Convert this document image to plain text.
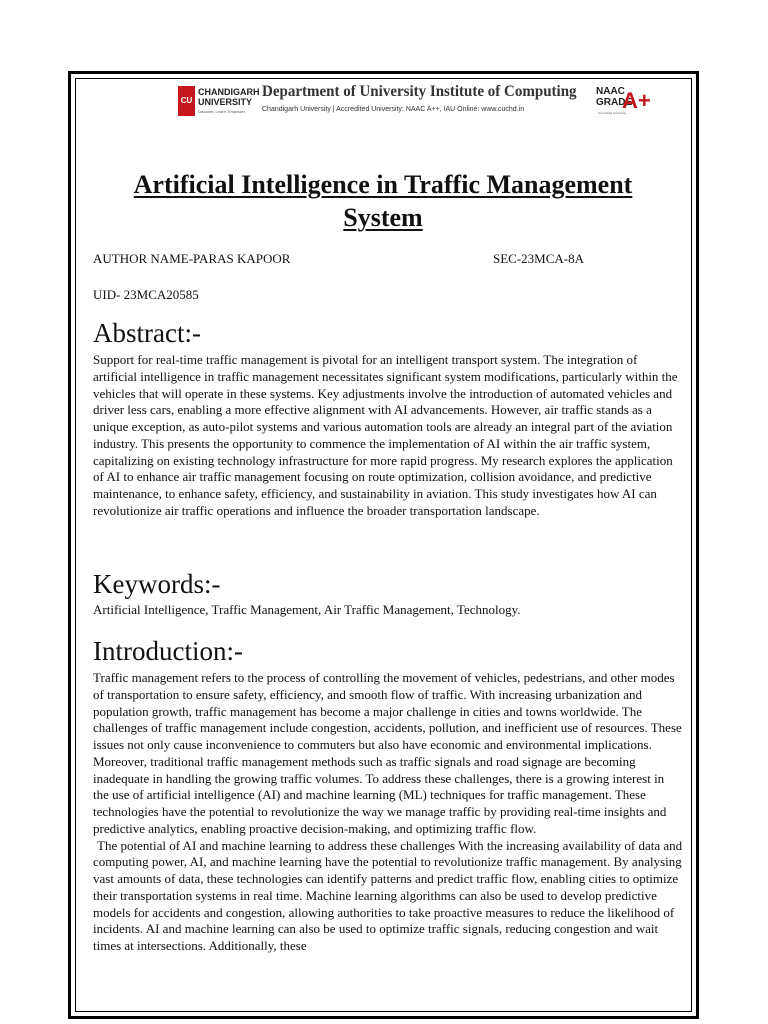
CU
CHANDIGARH UNIVERSITY
Discover. Learn. Empower.
Department of University Institute of Computing
Chandigarh University | Accredited University: NAAC A++, IAU Online: www.cuchd.in
NAAC
GRADE
A+
Accredited University
Artificial Intelligence in Traffic Management System
AUTHOR NAME-PARAS KAPOOR	SEC-23MCA-8A
UID- 23MCA20585
Abstract:-

Support for real-time traffic management is pivotal for an intelligent transport system. The integration of artificial intelligence in traffic management necessitates significant system modifications, particularly within the vehicles that will operate in these systems. Key adjustments involve the introduction of automated vehicles and driver less cars, enabling a more effective alignment with AI advancements. However, air traffic stands as a unique exception, as auto-pilot systems and various automation tools are already an integral part of the aviation industry. This presents the opportunity to commence the implementation of AI within the air traffic system, capitalizing on existing technology infrastructure for more rapid progress. My research explores the application of AI to enhance air traffic management focusing on route optimization, collision avoidance, and predictive maintenance, to enhance safety, efficiency, and sustainability in aviation. This study investigates how AI can revolutionize air traffic operations and influence the broader transportation landscape.

Keywords:-

Artificial Intelligence, Traffic Management, Air Traffic Management, Technology.

Introduction:-

Traffic management refers to the process of controlling the movement of vehicles, pedestrians, and other modes of transportation to ensure safety, efficiency, and smooth flow of traffic. With increasing urbanization and population growth, traffic management has become a major challenge in cities and towns worldwide. The challenges of traffic management include congestion, accidents, pollution, and inefficient use of resources. These issues not only cause inconvenience to commuters but also have economic and environmental implications. Moreover, traditional traffic management methods such as traffic signals and road signage are becoming inadequate in handling the growing traffic volumes. To address these challenges, there is a growing interest in the use of artificial intelligence (AI) and machine learning (ML) techniques for traffic management. These technologies have the potential to revolutionize the way we manage traffic by providing real-time insights and predictive analytics, enabling proactive decision-making, and optimizing traffic flow.

The potential of AI and machine learning to address these challenges With the increasing availability of data and computing power, AI, and machine learning have the potential to revolutionize traffic management. By analysing vast amounts of data, these technologies can identify patterns and predict traffic flow, enabling cities to optimize their transportation systems in real time. Machine learning algorithms can also be used to develop predictive models for accidents and congestion, allowing authorities to take proactive measures to reduce the likelihood of incidents. AI and machine learning can also be used to optimize traffic signals, reducing congestion and wait times at intersections. Additionally, these
